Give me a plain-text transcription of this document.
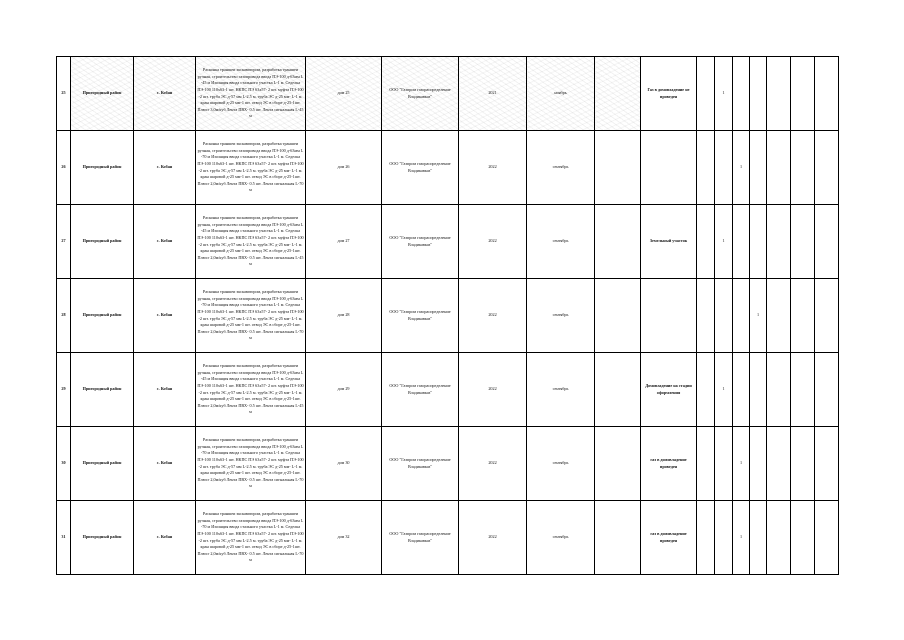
25	Пригородный район	с. Кобан	Расконка траншеи экскаватором, разработка траншеи ручная, строительство газопровода ввода ПЭ-100 д-63мм L -45 м Изоляция ввода стального участка L-1 м. Седелка ПЭ-100 110х63-1 шт. НКПС ПЭ 63х57- 2 шт. муфта ПЭ-100 -2 шт. труба ЭС д-57 мм L-2.5 м. труба ЭС д-25 мм- L-1 м. кран шаровой д-25 мм-1 шт. отвод ЭС в сборе д-25-1шт. Плюсг 3,0м/куб Лента ПВХ- 0.5 шт. Лента сигнальная L-45 м	дом 25	ООО "Газпром газораспределение Владикавказ"	2021	ноябрь		Газ в домовладение не проведен		1					
26	Пригородный район	с. Кобан	Расконка траншеи экскаватором, разработка траншеи ручная, строительство газопровода ввода ПЭ-100 д-63мм L -70 м Изоляция ввода стального участка L-1 м. Седелка ПЭ-100 110х63-1 шт. НКПС ПЭ 63х57- 2 шт. муфта ПЭ-100 -2 шт. труба ЭС д-57 мм L-2.5 м. труба ЭС д-25 мм- L-1 м. кран шаровой д-25 мм-1 шт. отвод ЭС в сборе д-25-1шт. Плюсг 2,0м/куб Лента ПВХ- 0.5 шт. Лента сигнальная L-70 м	дом 26	ООО "Газпром газораспределение Владикавказ"	2022	сентябрь					1				
27	Пригородный район	с. Кобан	Расконка траншеи экскаватором, разработка траншеи ручная, строительство газопровода ввода ПЭ-100 д-63мм L -45 м Изоляция ввода стального участка L-1 м. Седелка ПЭ-100 110х63-1 шт. НКПС ПЭ 63х57- 2 шт. муфта ПЭ-100 -2 шт. труба ЭС д-57 мм L-2.5 м. труба ЭС д-25 мм- L-1 м. кран шаровой д-25 мм-1 шт. отвод ЭС в сборе д-25-1шт. Плюсг 2,0м/куб Лента ПВХ- 0.5 шт. Лента сигнальная L-45 м	дом 27	ООО "Газпром газораспределение Владикавказ"	2022	сентябрь		Земельный участок		1					
28	Пригородный район	с. Кобан	Расконка траншеи экскаватором, разработка траншеи ручная, строительство газопровода ввода ПЭ-100 д-63мм L -70 м Изоляция ввода стального участка L-1 м. Седелка ПЭ-100 110х63-1 шт. НКПС ПЭ 63х57- 2 шт. муфта ПЭ-100 -2 шт. труба ЭС д-57 мм L-2.5 м. труба ЭС д-25 мм- L-1 м. кран шаровой д-25 мм-1 шт. отвод ЭС в сборе д-25-1шт. Плюсг 2,0м/куб Лента ПВХ- 0.5 шт. Лента сигнальная L-70 м	дом 28	ООО "Газпром газораспределение Владикавказ"	2022	сентябрь						1			
29	Пригородный район	с. Кобан	Расконка траншеи экскаватором, разработка траншеи ручная, строительство газопровода ввода ПЭ-100 д-63мм L -45 м Изоляция ввода стального участка L-1 м. Седелка ПЭ-100 110х63-1 шт. НКПС ПЭ 63х57- 2 шт. муфта ПЭ-100 -2 шт. труба ЭС д-57 мм L-2.5 м. труба ЭС д-25 мм- L-1 м. кран шаровой д-25 мм-1 шт. отвод ЭС в сборе д-25-1шт. Плюсг 2,0м/куб Лента ПВХ- 0.5 шт. Лента сигнальная L-45 м	дом 29	ООО "Газпром газораспределение Владикавказ"	2022	сентябрь		Домовладение на стадии оформления		1					
30	Пригородный район	с. Кобан	Расконка траншеи экскаватором, разработка траншеи ручная, строительство газопровода ввода ПЭ-100 д-63мм L -70 м Изоляция ввода стального участка L-1 м. Седелка ПЭ-100 110х63-1 шт. НКПС ПЭ 63х57- 2 шт. муфта ПЭ-100 -2 шт. труба ЭС д-57 мм L-2.5 м. труба ЭС д-25 мм- L-1 м. кран шаровой д-25 мм-1 шт. отвод ЭС в сборе д-25-1шт. Плюсг 2,0м/куб Лента ПВХ- 0.5 шт. Лента сигнальная L-70 м	дом 30	ООО "Газпром газораспределение Владикавказ"	2022	сентябрь		газ в домовладение проведен			1				
31	Пригородный район	с. Кобан	Расконка траншеи экскаватором, разработка траншеи ручная, строительство газопровода ввода ПЭ-100 д-63мм L -70 м Изоляция ввода стального участка L-1 м. Седелка ПЭ-100 110х63-1 шт. НКПС ПЭ 63х57- 2 шт. муфта ПЭ-100 -2 шт. труба ЭС д-57 мм L-2.5 м. труба ЭС д-25 мм- L-1 м. кран шаровой д-25 мм-1 шт. отвод ЭС в сборе д-25-1шт. Плюсг 2,0м/куб Лента ПВХ- 0.5 шт. Лента сигнальная L-70 м	дом 32	ООО "Газпром газораспределение Владикавказ"	2022	сентябрь		газ в домовладение проведен			1				
